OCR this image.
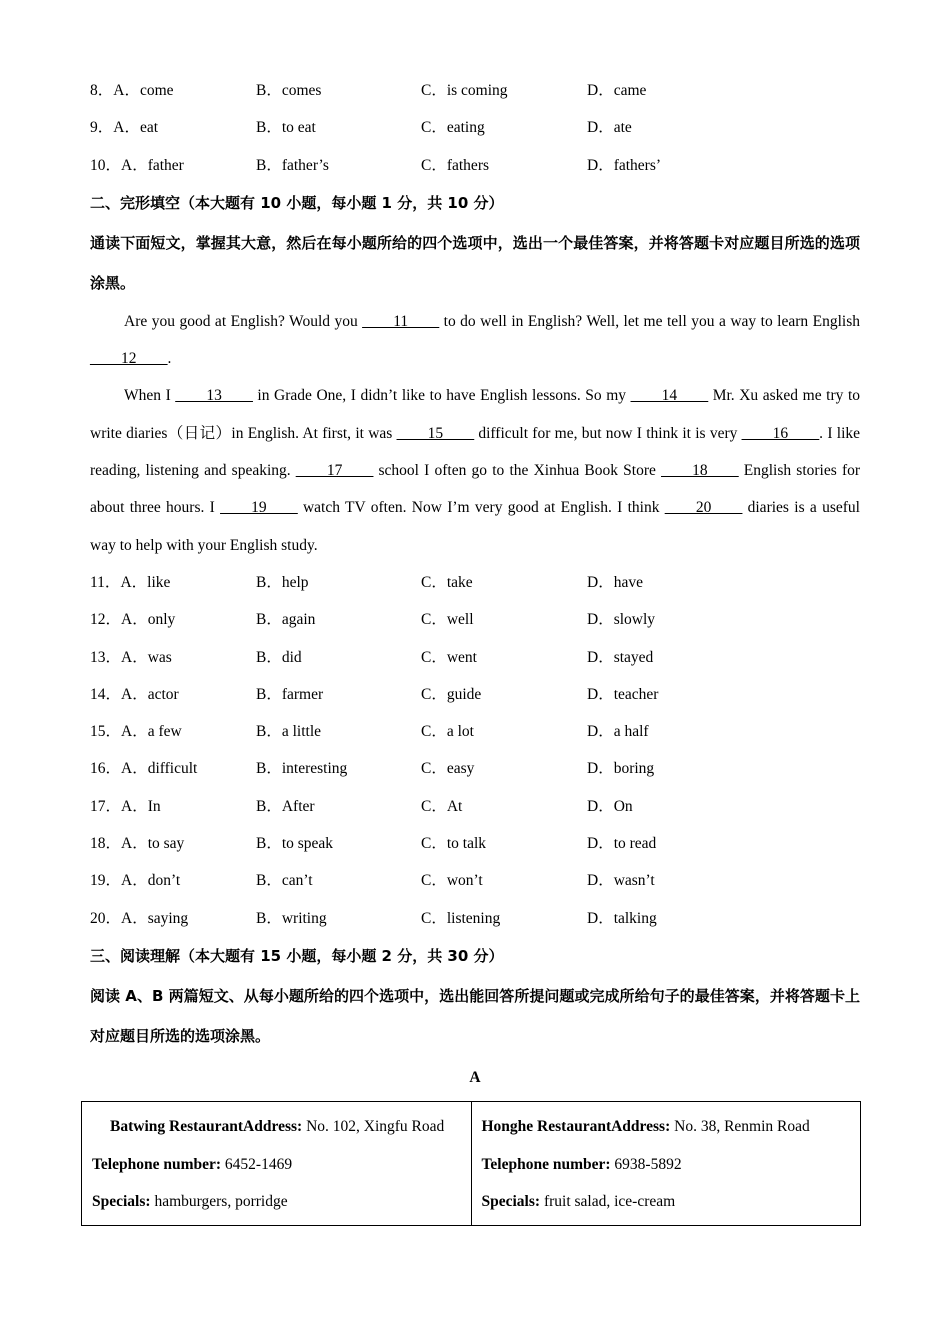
8．A．come	B．comes	C．is coming	D．came
9．A．eat	B．to eat	C．eating	D．ate
10．A．father	B．father’s	C．fathers	D．fathers’
二、完形填空（本大题有 10 小题，每小题 1 分，共 10 分）
通读下面短文，掌握其大意，然后在每小题所给的四个选项中，选出一个最佳答案，并将答题卡对应题目所选的选项涂黑。
Are you good at English? Would you ____11____ to do well in English? Well, let me tell you a way to learn English ____12____.
When I ____13____ in Grade One, I didn’t like to have English lessons. So my ____14____ Mr. Xu asked me try to write diaries（日记）in English. At first, it was ____15____ difficult for me, but now I think it is very ____16____. I like reading, listening and speaking. ____17____ school I often go to the Xinhua Book Store ____18____ English stories for about three hours. I ____19____ watch TV often. Now I’m very good at English. I think ____20____ diaries is a useful way to help with your English study.
11．A．like	B．help	C．take	D．have
12．A．only	B．again	C．well	D．slowly
13．A．was	B．did	C．went	D．stayed
14．A．actor	B．farmer	C．guide	D．teacher
15．A．a few	B．a little	C．a lot	D．a half
16．A．difficult	B．interesting	C．easy	D．boring
17．A．In	B．After	C．At	D．On
18．A．to say	B．to speak	C．to talk	D．to read
19．A．don’t	B．can’t	C．won’t	D．wasn’t
20．A．saying	B．writing	C．listening	D．talking
三、阅读理解（本大题有 15 小题，每小题 2 分，共 30 分）
阅读 A、B 两篇短文、从每小题所给的四个选项中，选出能回答所提问题或完成所给句子的最佳答案，并将答题卡上对应题目所选的选项涂黑。
A
Batwing RestaurantAddress: No. 102, Xingfu Road
Telephone number: 6452-1469
Specials: hamburgers, porridge
Honghe RestaurantAddress: No. 38, Renmin Road
Telephone number: 6938-5892
Specials: fruit salad, ice-cream
